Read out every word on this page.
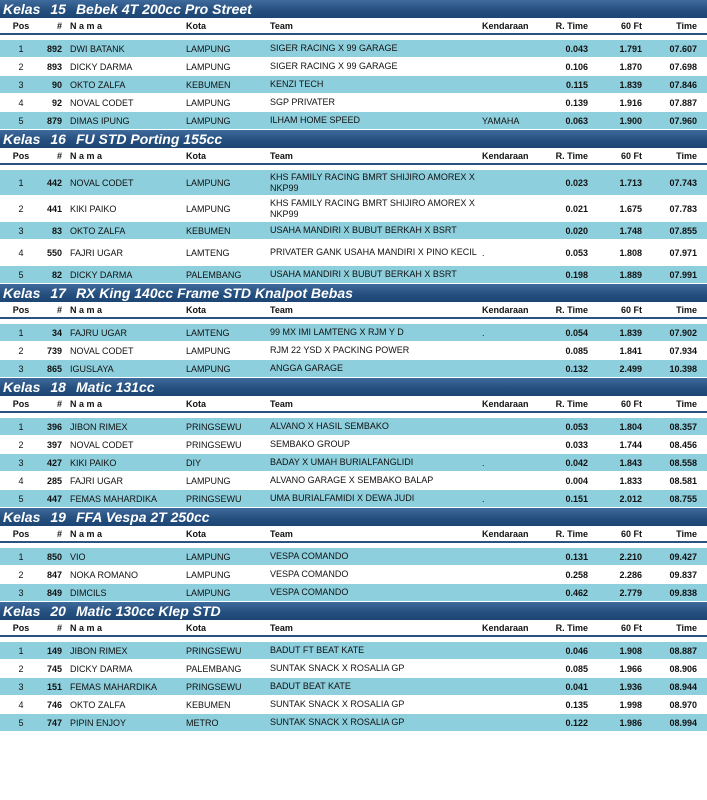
Kelas 15 Bebek 4T 200cc Pro Street
Pos	#	N a m a	Kota	Team	Kendaraan	R. Time	60 Ft	Time

1	892	DWI BATANK	LAMPUNG	SIGER RACING X 99 GARAGE		0.043	1.791	07.607
2	893	DICKY DARMA	LAMPUNG	SIGER RACING X 99 GARAGE		0.106	1.870	07.698
3	90	OKTO ZALFA	KEBUMEN	KENZI TECH		0.115	1.839	07.846
4	92	NOVAL CODET	LAMPUNG	SGP PRIVATER		0.139	1.916	07.887
5	879	DIMAS IPUNG	LAMPUNG	ILHAM HOME SPEED	YAMAHA	0.063	1.900	07.960
Kelas 16 FU STD Porting 155cc
Pos	#	N a m a	Kota	Team	Kendaraan	R. Time	60 Ft	Time

1	442	NOVAL CODET	LAMPUNG	KHS FAMILY RACING BMRT SHIJIRO AMOREX X NKP99		0.023	1.713	07.743
2	441	KIKI PAIKO	LAMPUNG	KHS FAMILY RACING BMRT SHIJIRO AMOREX X NKP99		0.021	1.675	07.783
3	83	OKTO ZALFA	KEBUMEN	USAHA MANDIRI X BUBUT BERKAH X BSRT		0.020	1.748	07.855
4	550	FAJRI UGAR	LAMTENG	PRIVATER GANK USAHA MANDIRI X PINO KECIL	.	0.053	1.808	07.971
5	82	DICKY DARMA	PALEMBANG	USAHA MANDIRI X BUBUT BERKAH X BSRT		0.198	1.889	07.991
Kelas 17 RX King 140cc Frame STD Knalpot Bebas
Pos	#	N a m a	Kota	Team	Kendaraan	R. Time	60 Ft	Time

1	34	FAJRU UGAR	LAMTENG	99 MX IMI LAMTENG X RJM Y D	.	0.054	1.839	07.902
2	739	NOVAL CODET	LAMPUNG	RJM 22 YSD X PACKING POWER		0.085	1.841	07.934
3	865	IGUSLAYA	LAMPUNG	ANGGA GARAGE		0.132	2.499	10.398
Kelas 18 Matic 131cc
Pos	#	N a m a	Kota	Team	Kendaraan	R. Time	60 Ft	Time

1	396	JIBON RIMEX	PRINGSEWU	ALVANO X HASIL SEMBAKO		0.053	1.804	08.357
2	397	NOVAL CODET	PRINGSEWU	SEMBAKO GROUP		0.033	1.744	08.456
3	427	KIKI PAIKO	DIY	BADAY X UMAH BURIALFANGLIDI	.	0.042	1.843	08.558
4	285	FAJRI UGAR	LAMPUNG	ALVANO GARAGE X SEMBAKO BALAP		0.004	1.833	08.581
5	447	FEMAS MAHARDIKA	PRINGSEWU	UMA BURIALFAMIDI X DEWA JUDI	.	0.151	2.012	08.755
Kelas 19 FFA Vespa 2T 250cc
Pos	#	N a m a	Kota	Team	Kendaraan	R. Time	60 Ft	Time

1	850	VIO	LAMPUNG	VESPA COMANDO		0.131	2.210	09.427
2	847	NOKA ROMANO	LAMPUNG	VESPA COMANDO		0.258	2.286	09.837
3	849	DIMCILS	LAMPUNG	VESPA COMANDO		0.462	2.779	09.838
Kelas 20 Matic 130cc Klep STD
Pos	#	N a m a	Kota	Team	Kendaraan	R. Time	60 Ft	Time

1	149	JIBON RIMEX	PRINGSEWU	BADUT FT BEAT KATE		0.046	1.908	08.887
2	745	DICKY DARMA	PALEMBANG	SUNTAK SNACK X ROSALIA GP		0.085	1.966	08.906
3	151	FEMAS MAHARDIKA	PRINGSEWU	BADUT BEAT KATE		0.041	1.936	08.944
4	746	OKTO ZALFA	KEBUMEN	SUNTAK SNACK X ROSALIA GP		0.135	1.998	08.970
5	747	PIPIN ENJOY	METRO	SUNTAK SNACK X ROSALIA GP		0.122	1.986	08.994
